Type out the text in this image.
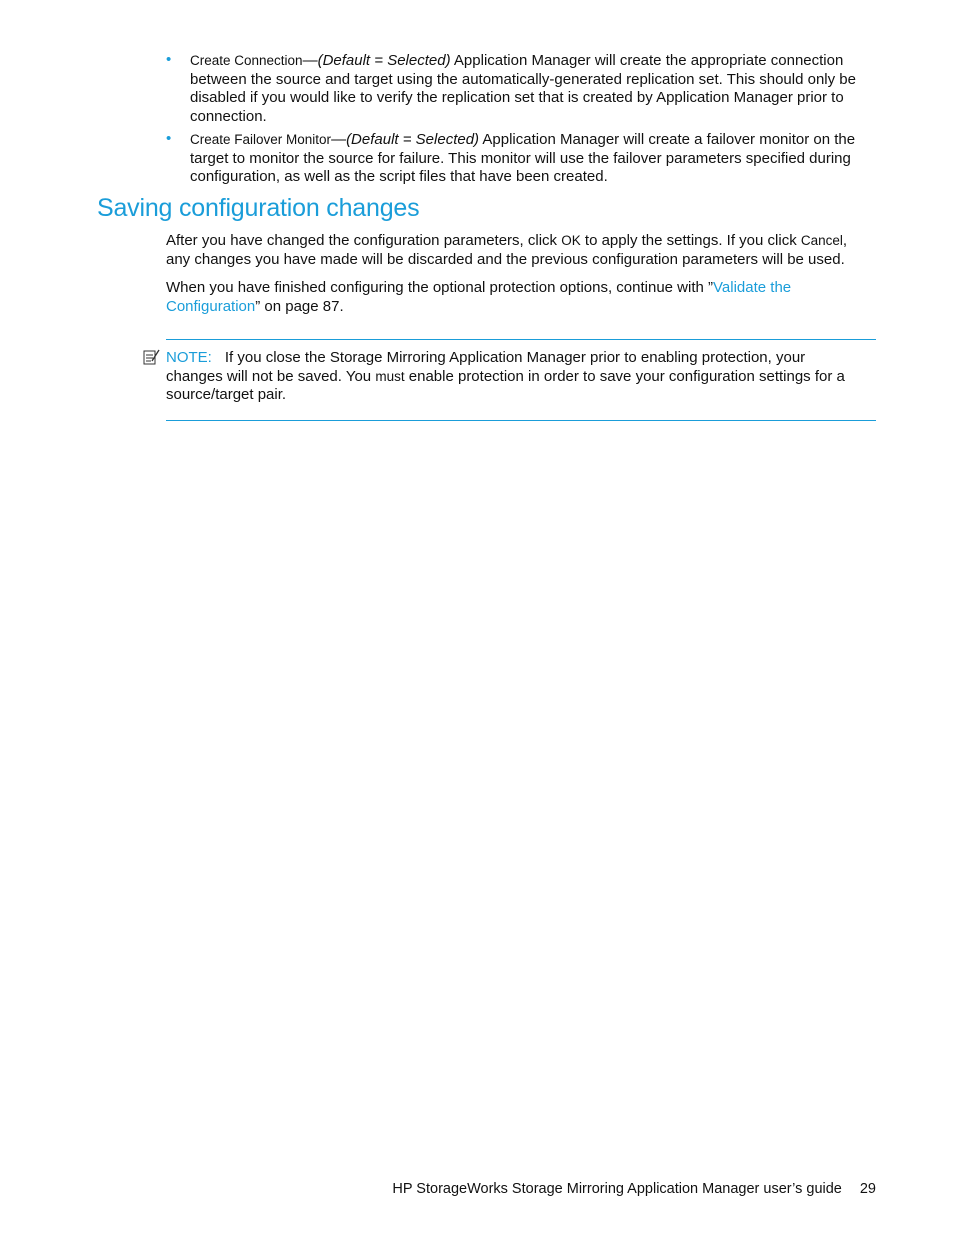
• Create Connection—(Default = Selected) Application Manager will create the appropriate connection between the source and target using the automatically-generated replication set. This should only be disabled if you would like to verify the replication set that is created by Application Manager prior to connection.
• Create Failover Monitor—(Default = Selected) Application Manager will create a failover monitor on the target to monitor the source for failure. This monitor will use the failover parameters specified during configuration, as well as the script files that have been created.
Saving configuration changes

After you have changed the configuration parameters, click OK to apply the settings. If you click Cancel, any changes you have made will be discarded and the previous configuration parameters will be used.

When you have finished configuring the optional protection options, continue with ”Validate the Configuration” on page 87.

NOTE: If you close the Storage Mirroring Application Manager prior to enabling protection, your changes will not be saved. You must enable protection in order to save your configuration settings for a source/target pair.

HP StorageWorks Storage Mirroring Application Manager user’s guide 29
